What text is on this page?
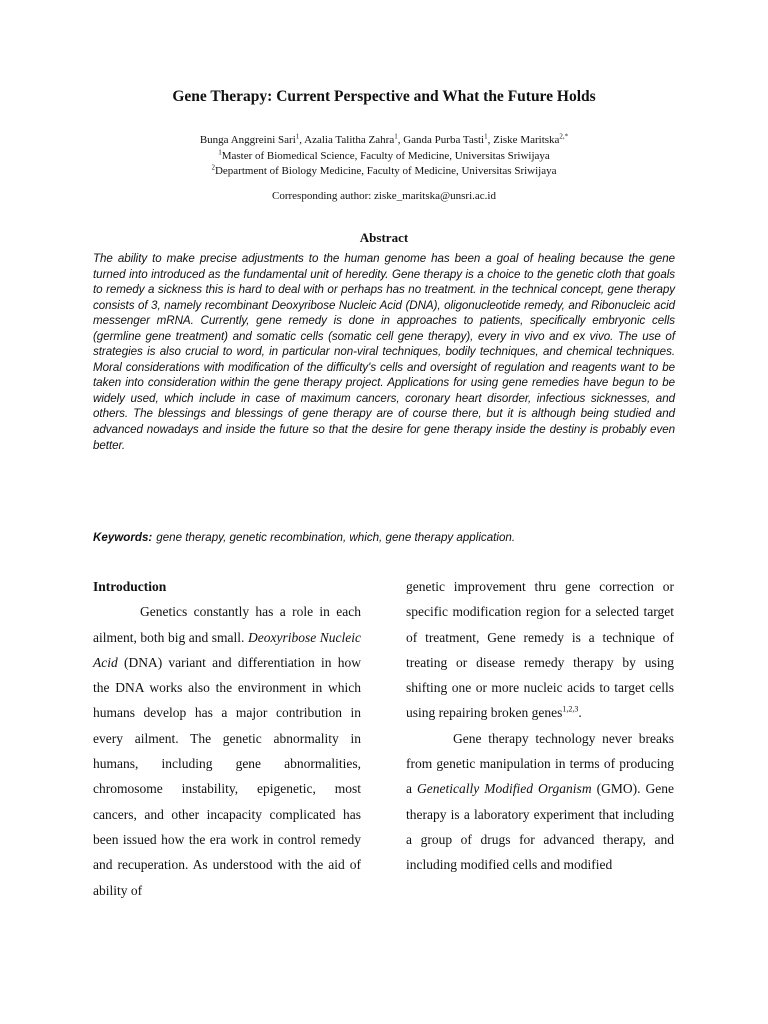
Gene Therapy: Current Perspective and What the Future Holds
Bunga Anggreini Sari$^1$, Azalia Talitha Zahra$^1$, Ganda Purba Tasti$^1$, Ziske Maritska$^{2,*}$
$^1$Master of Biomedical Science, Faculty of Medicine, Universitas Sriwijaya
$^2$Department of Biology Medicine, Faculty of Medicine, Universitas Sriwijaya
Corresponding author: ziske_maritska@unsri.ac.id
Abstract
The ability to make precise adjustments to the human genome has been a goal of healing because the gene turned into introduced as the fundamental unit of heredity. Gene therapy is a choice to the genetic cloth that goals to remedy a sickness this is hard to deal with or perhaps has no treatment. in the technical concept, gene therapy consists of 3, namely recombinant Deoxyribose Nucleic Acid (DNA), oligonucleotide remedy, and Ribonucleic acid messenger mRNA. Currently, gene remedy is done in approaches to patients, specifically embryonic cells (germline gene treatment) and somatic cells (somatic cell gene therapy), every in vivo and ex vivo. The use of strategies is also crucial to word, in particular non-viral techniques, bodily techniques, and chemical techniques. Moral considerations with modification of the difficulty's cells and oversight of regulation and reagents want to be taken into consideration within the gene therapy project. Applications for using gene remedies have begun to be widely used, which include in case of maximum cancers, coronary heart disorder, infectious sicknesses, and others. The blessings and blessings of gene therapy are of course there, but it is although being studied and advanced nowadays and inside the future so that the desire for gene therapy inside the destiny is probably even better.
Keywords: gene therapy, genetic recombination, which, gene therapy application.

Introduction

Genetics constantly has a role in each ailment, both big and small. Deoxyribose Nucleic Acid (DNA) variant and differentiation in how the DNA works also the environment in which humans develop has a major contribution in every ailment. The genetic abnormality in humans, including gene abnormalities, chromosome instability, epigenetic, most cancers, and other incapacity complicated has been issued how the era work in control remedy and recuperation. As understood with the aid of ability of

genetic improvement thru gene correction or specific modification region for a selected target of treatment, Gene remedy is a technique of treating or disease remedy therapy by using shifting one or more nucleic acids to target cells using repairing broken genes$^{1,2,3}$.

Gene therapy technology never breaks from genetic manipulation in terms of producing a Genetically Modified Organism (GMO). Gene therapy is a laboratory experiment that including a group of drugs for advanced therapy, and including modified cells and modified
